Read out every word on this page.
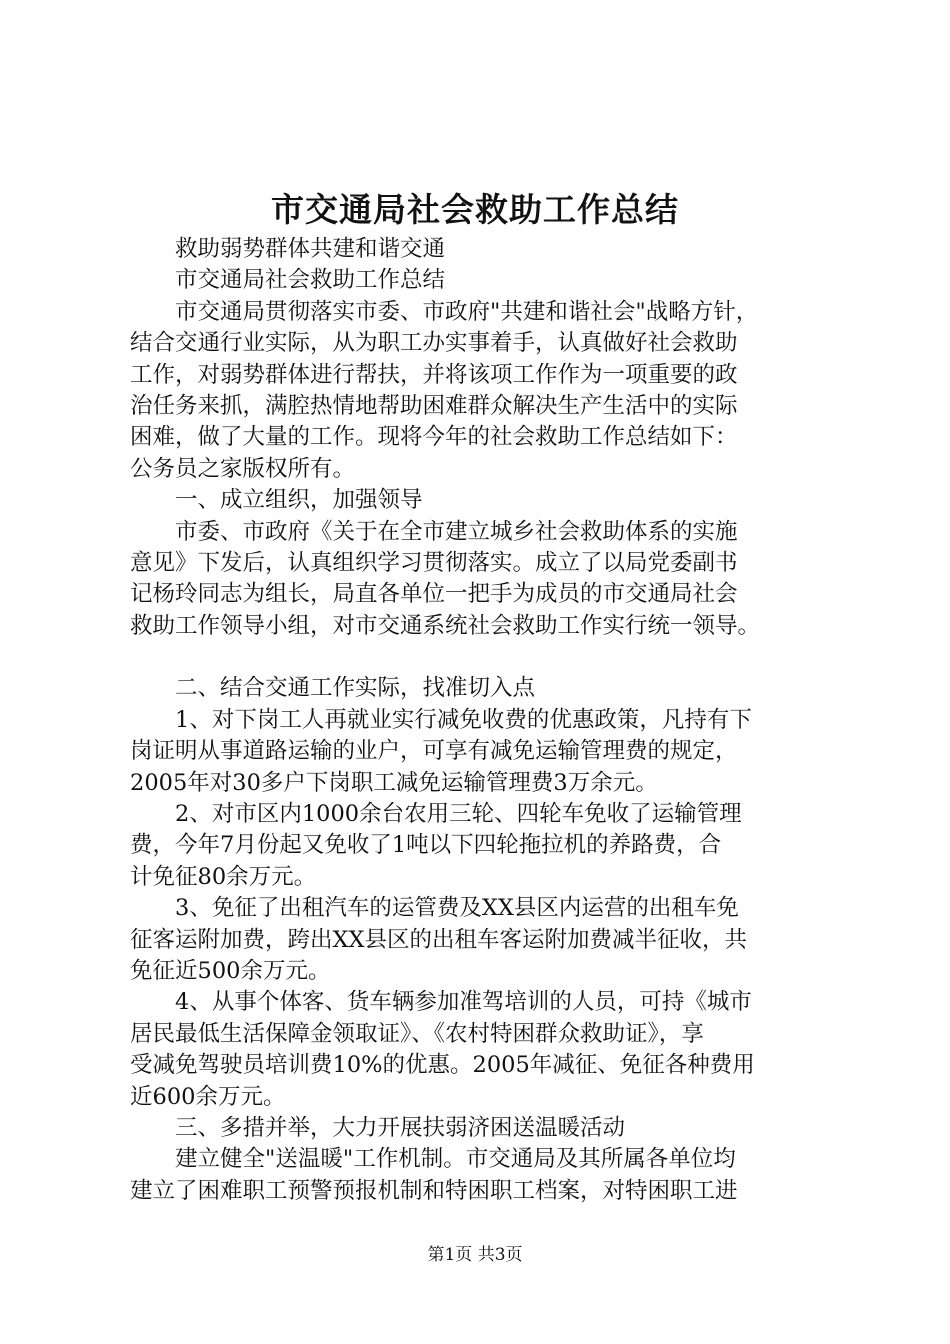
市交通局社会救助工作总结
　　救助弱势群体共建和谐交通
　　市交通局社会救助工作总结
　　市交通局贯彻落实市委、市政府"共建和谐社会"战略方针，
结合交通行业实际，从为职工办实事着手，认真做好社会救助
工作，对弱势群体进行帮扶，并将该项工作作为一项重要的政
治任务来抓，满腔热情地帮助困难群众解决生产生活中的实际
困难，做了大量的工作。现将今年的社会救助工作总结如下：
公务员之家版权所有。
　　一、成立组织，加强领导
　　市委、市政府《关于在全市建立城乡社会救助体系的实施
意见》下发后，认真组织学习贯彻落实。成立了以局党委副书
记杨玲同志为组长，局直各单位一把手为成员的市交通局社会
救助工作领导小组，对市交通系统社会救助工作实行统一领导。
　　二、结合交通工作实际，找准切入点
　　1、对下岗工人再就业实行减免收费的优惠政策，凡持有下
岗证明从事道路运输的业户，可享有减免运输管理费的规定，
2005年对30多户下岗职工减免运输管理费3万余元。
　　2、对市区内1000余台农用三轮、四轮车免收了运输管理
费，今年7月份起又免收了1吨以下四轮拖拉机的养路费，合
计免征80余万元。
　　3、免征了出租汽车的运管费及XX县区内运营的出租车免
征客运附加费，跨出XX县区的出租车客运附加费减半征收，共
免征近500余万元。
　　4、从事个体客、货车辆参加准驾培训的人员，可持《城市
居民最低生活保障金领取证》、《农村特困群众救助证》，享
受减免驾驶员培训费10%的优惠。2005年减征、免征各种费用
近600余万元。
　　三、多措并举，大力开展扶弱济困送温暖活动
　　建立健全"送温暖"工作机制。市交通局及其所属各单位均
建立了困难职工预警预报机制和特困职工档案，对特困职工进
第1页 共3页
